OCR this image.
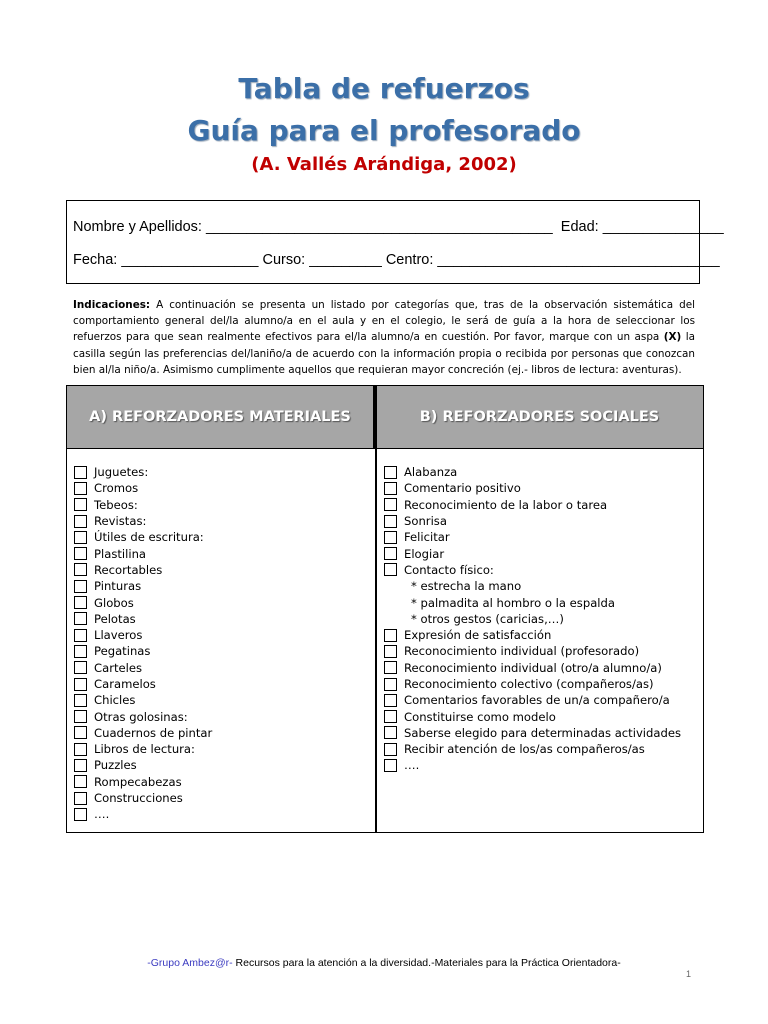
Tabla de refuerzos
Guía para el profesorado
(A. Vallés Arándiga, 2002)
Nombre y Apellidos: ___________________________________________  Edad: _______________
Fecha: _________________ Curso: _________ Centro: ___________________________________
Indicaciones: A continuación se presenta un listado por categorías que, tras de la observación sistemática del comportamiento general del/la alumno/a en el aula y en el colegio, le será de guía a la hora de seleccionar los refuerzos para que sean realmente efectivos para el/la alumno/a en cuestión. Por favor, marque con un aspa (X) la casilla según las preferencias del/laniño/a de acuerdo con la información propia o recibida por personas que conozcan bien al/la niño/a. Asimismo cumplimente aquellos que requieran mayor concreción (ej.- libros de lectura: aventuras).
A) REFORZADORES MATERIALES	B) REFORZADORES SOCIALES
Juguetes:
Cromos
Tebeos:
Revistas:
Útiles de escritura:
Plastilina
Recortables
Pinturas
Globos
Pelotas
Llaveros
Pegatinas
Carteles
Caramelos
Chicles
Otras golosinas:
Cuadernos de pintar
Libros de lectura:
Puzzles
Rompecabezas
Construcciones
….
Alabanza
Comentario positivo
Reconocimiento de la labor o tarea
Sonrisa
Felicitar
Elogiar
Contacto físico:
* estrecha la mano
* palmadita al hombro o la espalda
* otros gestos (caricias,…)
Expresión de satisfacción
Reconocimiento individual (profesorado)
Reconocimiento individual (otro/a alumno/a)
Reconocimiento colectivo (compañeros/as)
Comentarios favorables de un/a compañero/a
Constituirse como modelo
Saberse elegido para determinadas actividades
Recibir atención de los/as compañeros/as
….
-Grupo Ambez@r- Recursos para la atención a la diversidad.-Materiales para la Práctica Orientadora-
1
